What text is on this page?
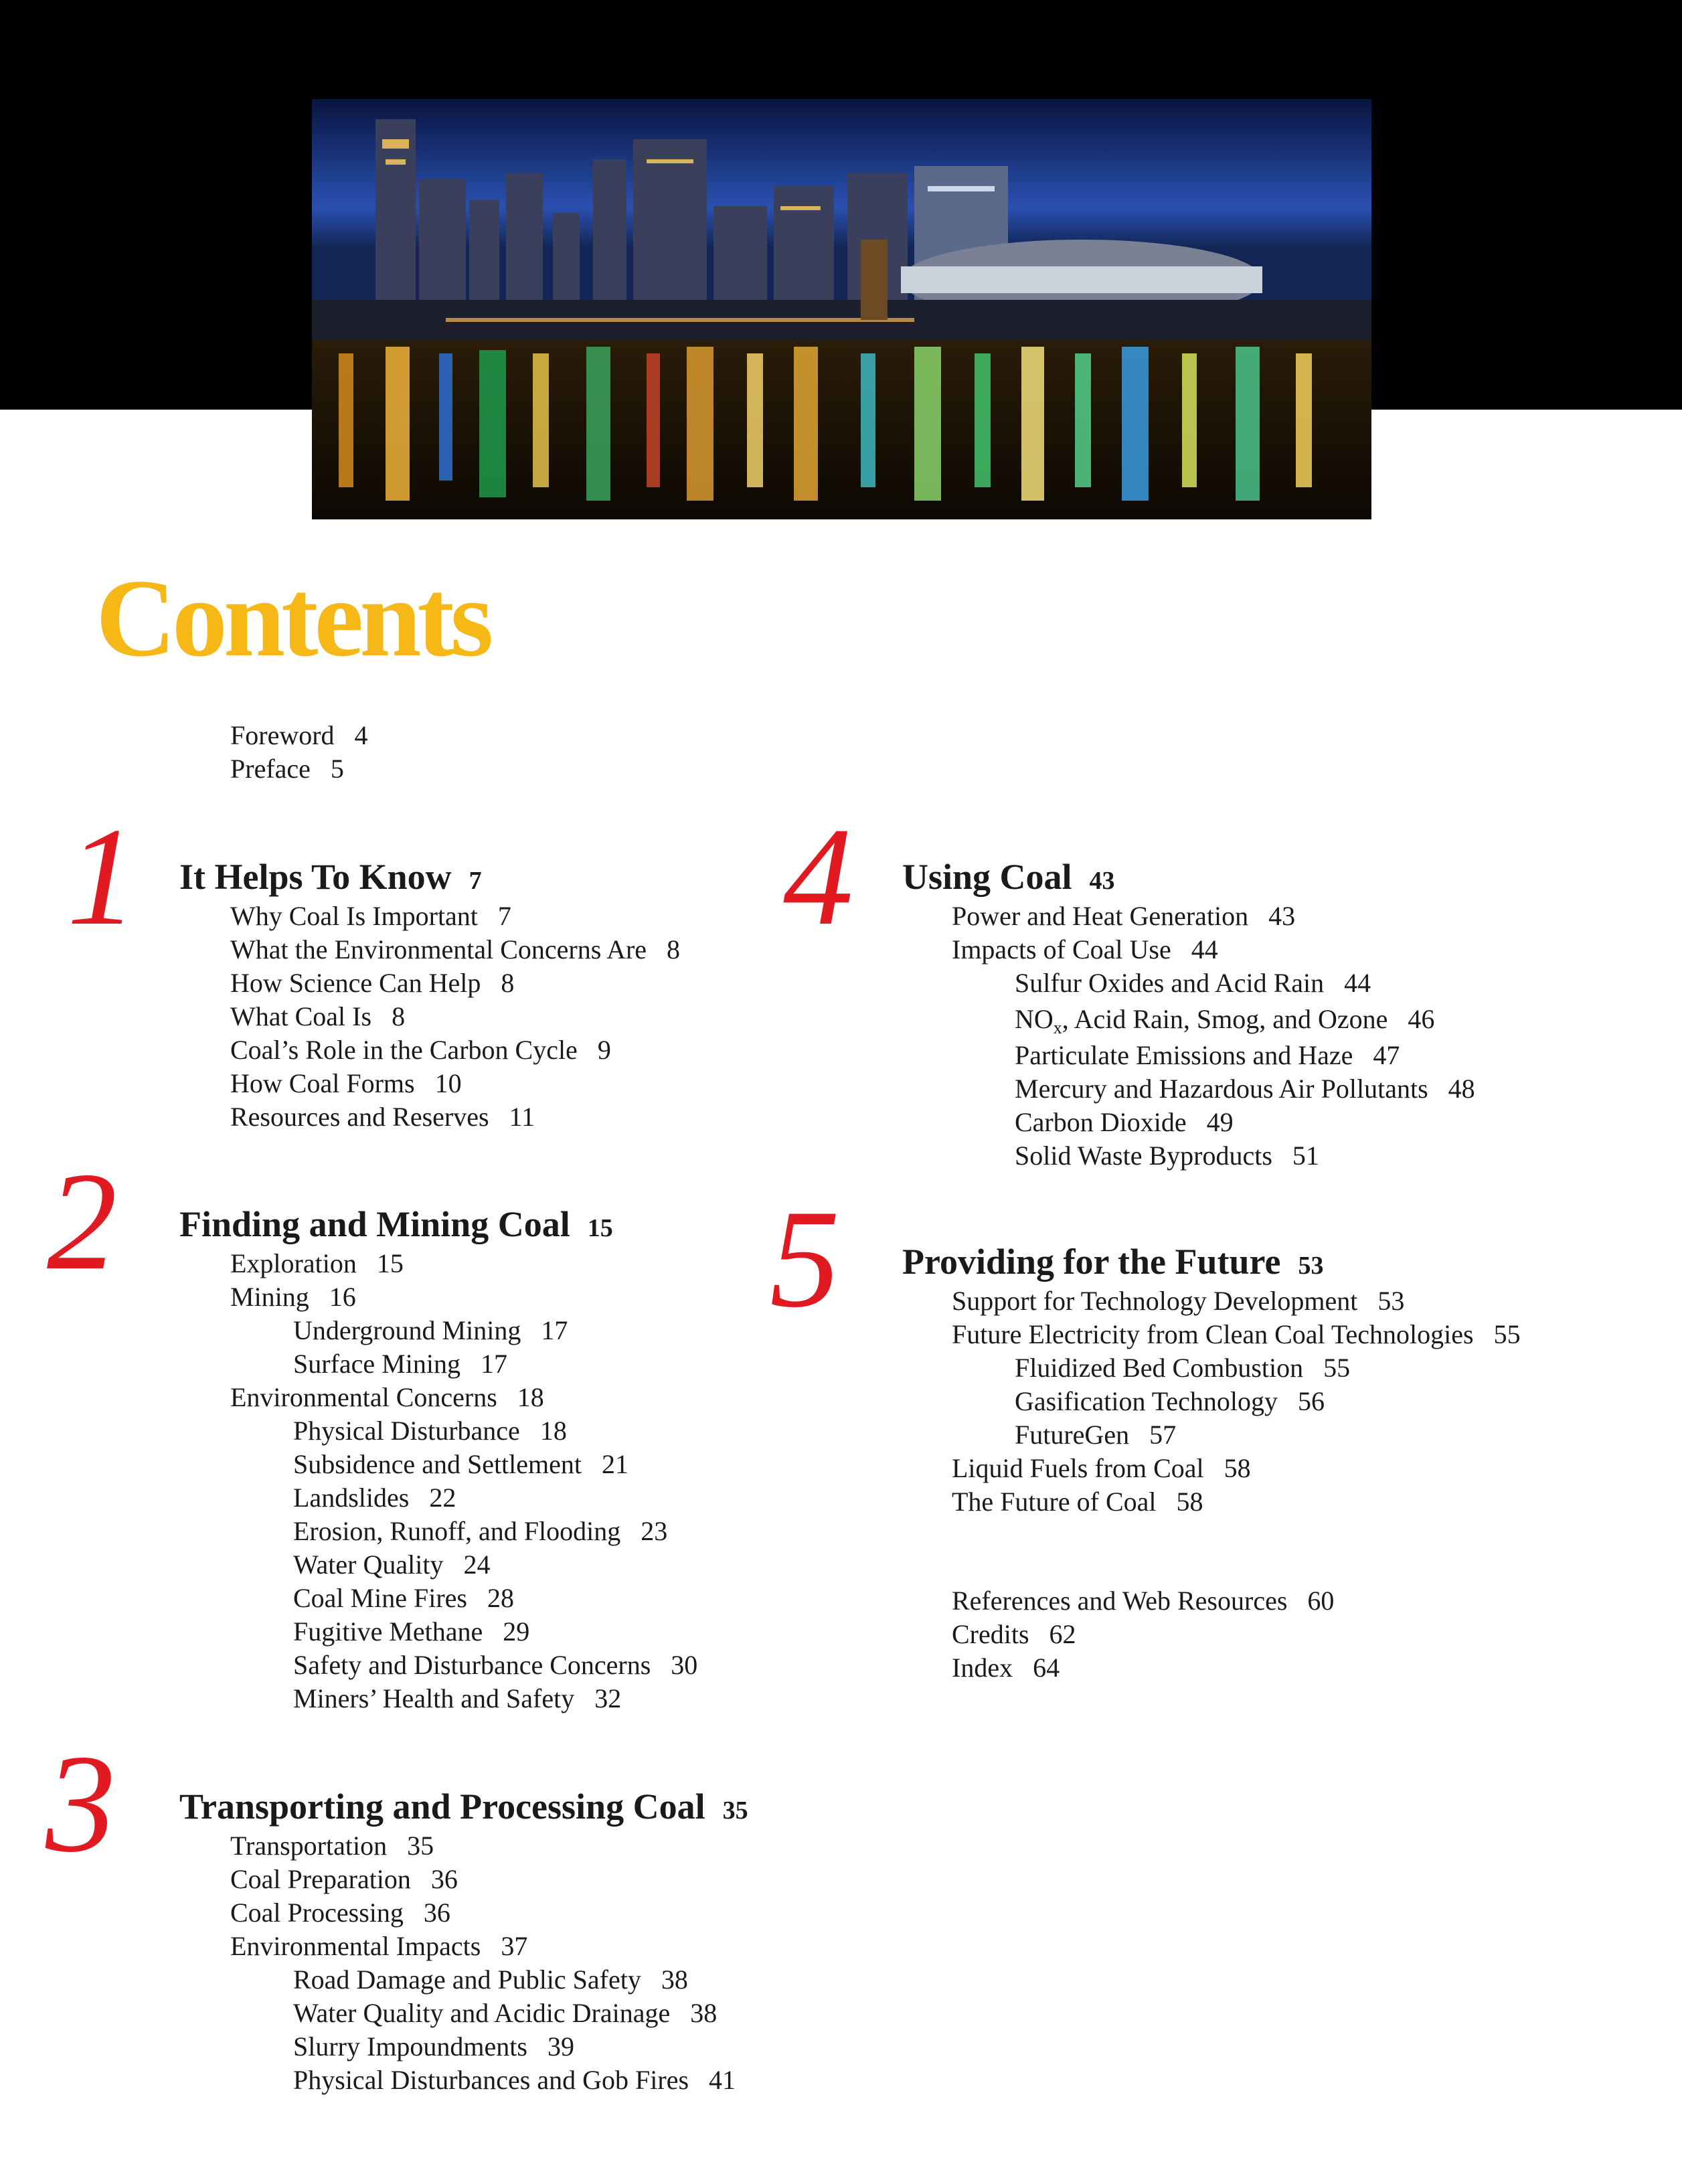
Contents
Foreword 4
Preface 5
1 It Helps To Know 7
Why Coal Is Important 7
What the Environmental Concerns Are 8
How Science Can Help 8
What Coal Is 8
Coal’s Role in the Carbon Cycle 9
How Coal Forms 10
Resources and Reserves 11
2 Finding and Mining Coal 15
Exploration 15
Mining 16
Underground Mining 17
Surface Mining 17
Environmental Concerns 18
Physical Disturbance 18
Subsidence and Settlement 21
Landslides 22
Erosion, Runoff, and Flooding 23
Water Quality 24
Coal Mine Fires 28
Fugitive Methane 29
Safety and Disturbance Concerns 30
Miners’ Health and Safety 32
3 Transporting and Processing Coal 35
Transportation 35
Coal Preparation 36
Coal Processing 36
Environmental Impacts 37
Road Damage and Public Safety 38
Water Quality and Acidic Drainage 38
Slurry Impoundments 39
Physical Disturbances and Gob Fires 41
4 Using Coal 43
Power and Heat Generation 43
Impacts of Coal Use 44
Sulfur Oxides and Acid Rain 44
$NO_x$, Acid Rain, Smog, and Ozone 46
Particulate Emissions and Haze 47
Mercury and Hazardous Air Pollutants 48
Carbon Dioxide 49
Solid Waste Byproducts 51
5 Providing for the Future 53
Support for Technology Development 53
Future Electricity from Clean Coal Technologies 55
Fluidized Bed Combustion 55
Gasification Technology 56
FutureGen 57
Liquid Fuels from Coal 58
The Future of Coal 58
References and Web Resources 60
Credits 62
Index 64
